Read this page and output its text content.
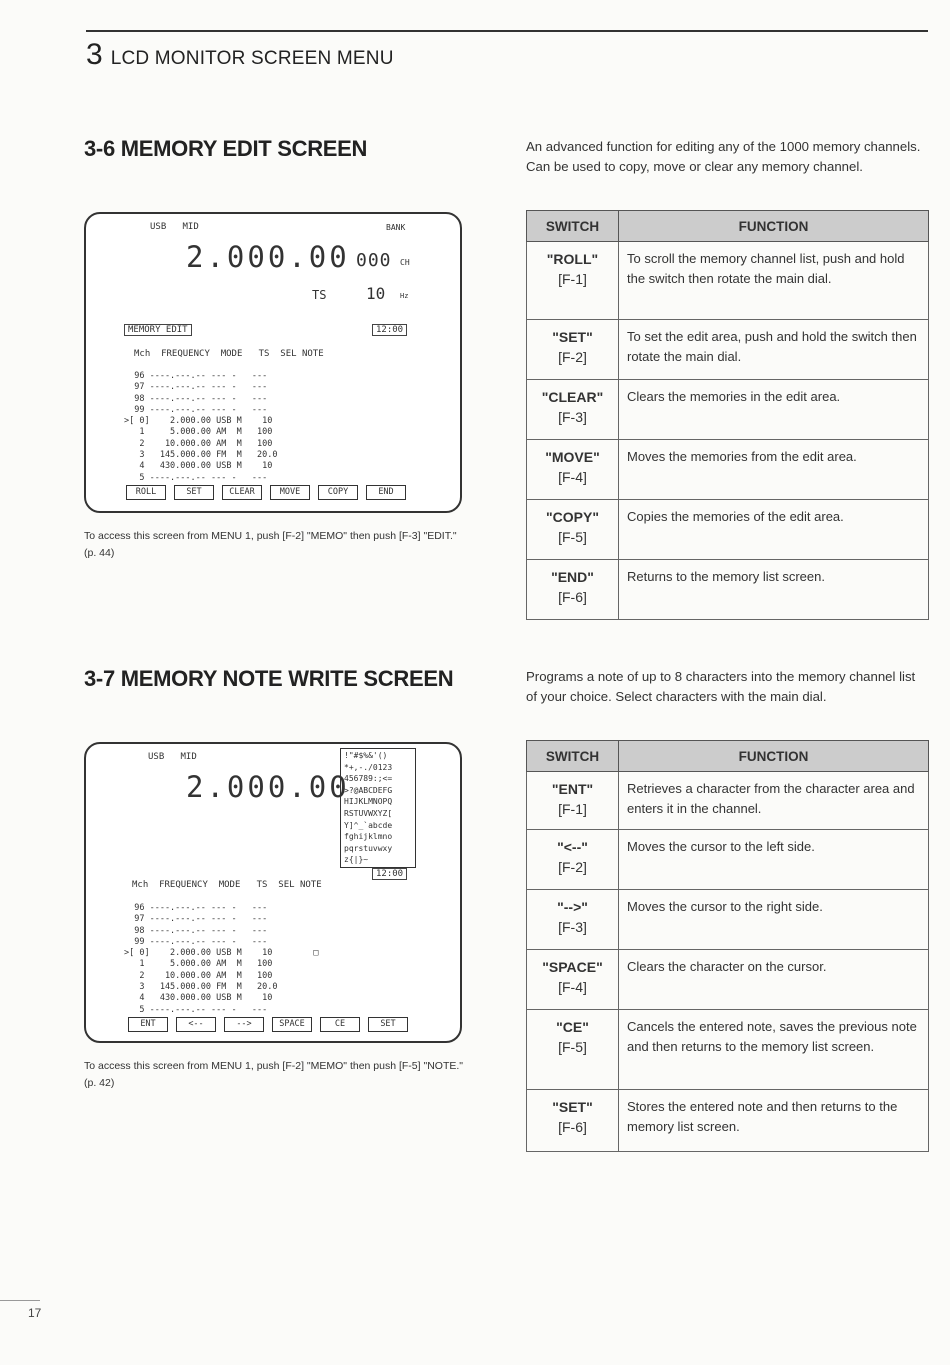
3 LCD MONITOR SCREEN MENU
3-6 MEMORY EDIT SCREEN	An advanced function for editing any of the 1000 memory channels. Can be used to copy, move or clear any memory channel.
USB   MID	BANK
2.000.00 000 CH
TS 10 Hz
MEMORY EDIT	12:00
Mch  FREQUENCY  MODE   TS  SEL NOTE
96 ----.---.-- --- -   ---
97 ----.---.-- --- -   ---
98 ----.---.-- --- -   ---
99 ----.---.-- --- -   ---
>[ 0]    2.000.00 USB M    10
1     5.000.00 AM  M   100
2    10.000.00 AM  M   100
3   145.000.00 FM  M   20.0
4   430.000.00 USB M    10
5 ----.---.-- --- -   ---
ROLL	SET	CLEAR	MOVE	COPY	END
To access this screen from MENU 1, push [F-2] "MEMO" then push [F-3] "EDIT." (p. 44)
SWITCH	FUNCTION
"ROLL"
[F-1]	To scroll the memory channel list, push and hold the switch then rotate the main dial.
"SET"
[F-2]	To set the edit area, push and hold the switch then rotate the main dial.
"CLEAR"
[F-3]	Clears the memories in the edit area.
"MOVE"
[F-4]	Moves the memories from the edit area.
"COPY"
[F-5]	Copies the memories of the edit area.
"END"
[F-6]	Returns to the memory list screen.
3-7 MEMORY NOTE WRITE SCREEN	Programs a note of up to 8 characters into the memory channel list of your choice. Select characters with the main dial.
USB   MID
2.000.00
!"#$%&'()
*+,-./0123
456789:;<=
>?@ABCDEFG
HIJKLMNOPQ
RSTUVWXYZ[
Y]^_`abcde
fghijklmno
pqrstuvwxy
z{|}~
12:00
Mch  FREQUENCY  MODE   TS  SEL NOTE
96 ----.---.-- --- -   ---
97 ----.---.-- --- -   ---
98 ----.---.-- --- -   ---
99 ----.---.-- --- -   ---
>[ 0]    2.000.00 USB M    10        □
1     5.000.00 AM  M   100
2    10.000.00 AM  M   100
3   145.000.00 FM  M   20.0
4   430.000.00 USB M    10
5 ----.---.-- --- -   ---
ENT	<--	-->	SPACE	CE	SET
To access this screen from MENU 1, push [F-2] "MEMO" then push [F-5] "NOTE." (p. 42)
SWITCH	FUNCTION
"ENT"
[F-1]	Retrieves a character from the character area and enters it in the channel.
"<--"
[F-2]	Moves the cursor to the left side.
"-->"
[F-3]	Moves the cursor to the right side.
"SPACE"
[F-4]	Clears the character on the cursor.
"CE"
[F-5]	Cancels the entered note, saves the previous note and then returns to the memory list screen.
"SET"
[F-6]	Stores the entered note and then returns to the memory list screen.
17
